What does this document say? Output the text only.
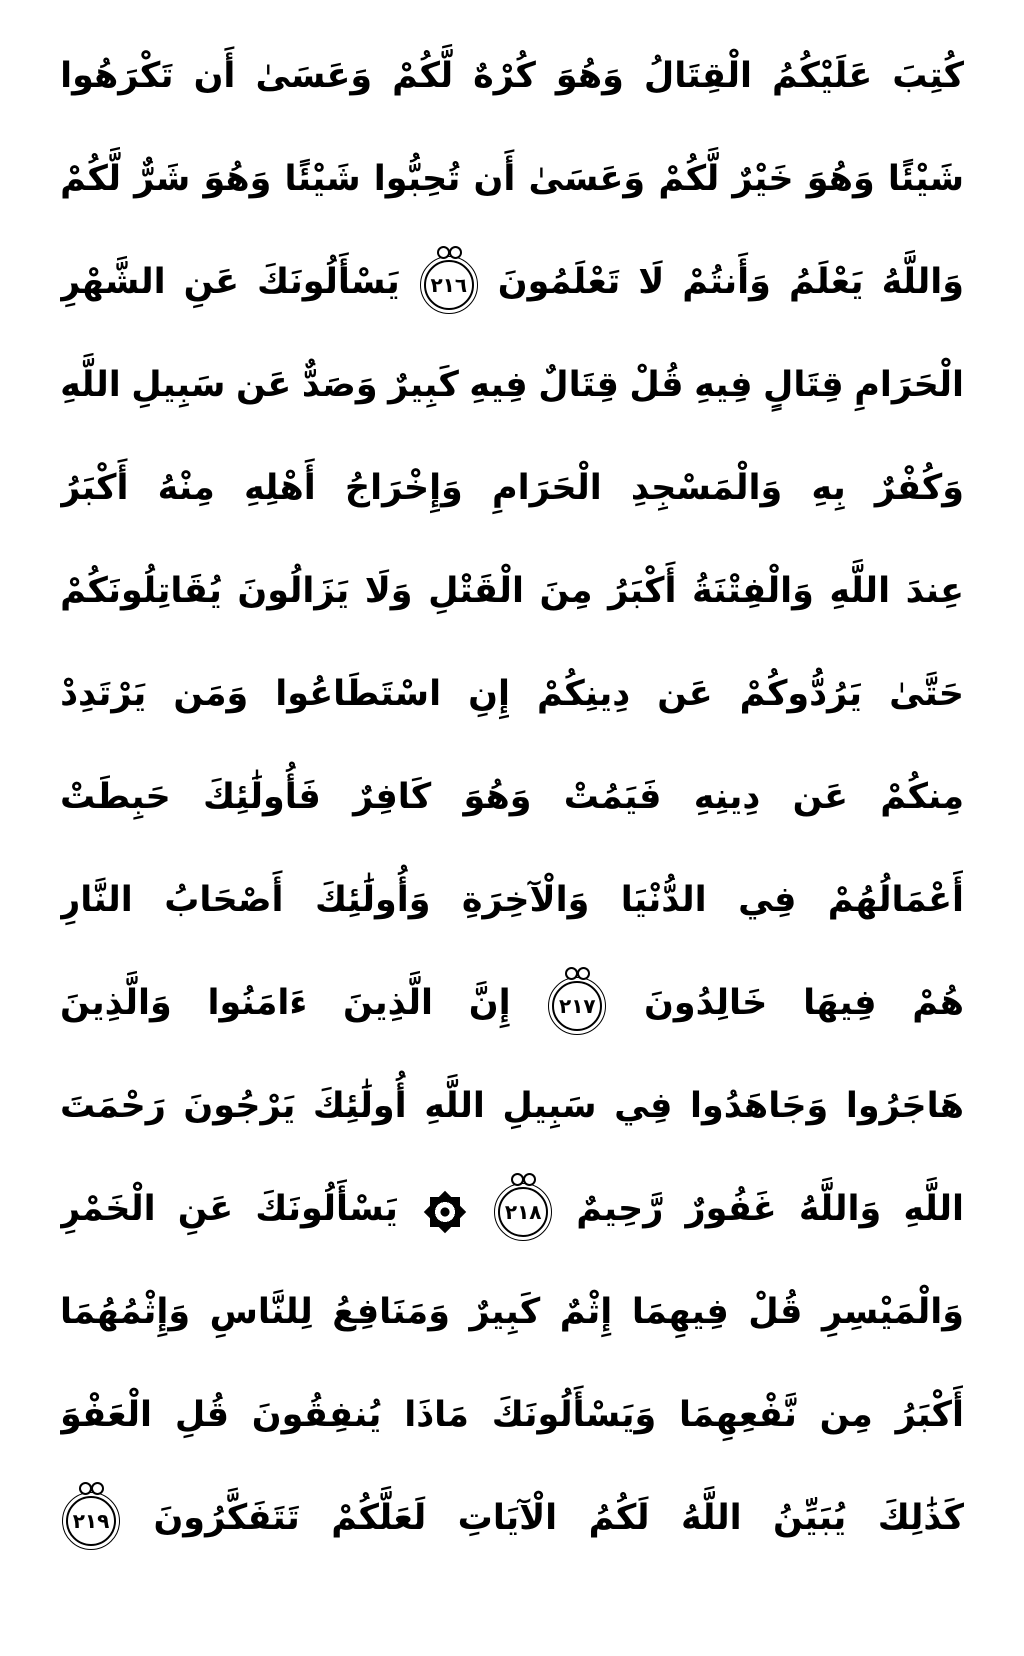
كُتِبَ
عَلَيْكُمُ
الْقِتَالُ
وَهُوَ
كُرْهٌ
لَّكُمْ
وَعَسَىٰ
أَن
تَكْرَهُوا
شَيْئًا
وَهُوَ
خَيْرٌ
لَّكُمْ
وَعَسَىٰ
أَن
تُحِبُّوا
شَيْئًا
وَهُوَ
شَرٌّ
لَّكُمْ
وَاللَّهُ
يَعْلَمُ
وَأَنتُمْ
لَا
تَعْلَمُونَ
٢١٦
يَسْأَلُونَكَ
عَنِ
الشَّهْرِ
الْحَرَامِ
قِتَالٍ
فِيهِ
قُلْ
قِتَالٌ
فِيهِ
كَبِيرٌ
وَصَدٌّ
عَن
سَبِيلِ
اللَّهِ
وَكُفْرٌ
بِهِ
وَالْمَسْجِدِ
الْحَرَامِ
وَإِخْرَاجُ
أَهْلِهِ
مِنْهُ
أَكْبَرُ
عِندَ
اللَّهِ
وَالْفِتْنَةُ
أَكْبَرُ
مِنَ
الْقَتْلِ
وَلَا
يَزَالُونَ
يُقَاتِلُونَكُمْ
حَتَّىٰ
يَرُدُّوكُمْ
عَن
دِينِكُمْ
إِنِ
اسْتَطَاعُوا
وَمَن
يَرْتَدِدْ
مِنكُمْ
عَن
دِينِهِ
فَيَمُتْ
وَهُوَ
كَافِرٌ
فَأُولَٰئِكَ
حَبِطَتْ
أَعْمَالُهُمْ
فِي
الدُّنْيَا
وَالْآخِرَةِ
وَأُولَٰئِكَ
أَصْحَابُ
النَّارِ
هُمْ
فِيهَا
خَالِدُونَ
٢١٧
إِنَّ
الَّذِينَ
ءَامَنُوا
وَالَّذِينَ
هَاجَرُوا
وَجَاهَدُوا
فِي
سَبِيلِ
اللَّهِ
أُولَٰئِكَ
يَرْجُونَ
رَحْمَتَ
اللَّهِ
وَاللَّهُ
غَفُورٌ
رَّحِيمٌ
٢١٨
يَسْأَلُونَكَ
عَنِ
الْخَمْرِ
وَالْمَيْسِرِ
قُلْ
فِيهِمَا
إِثْمٌ
كَبِيرٌ
وَمَنَافِعُ
لِلنَّاسِ
وَإِثْمُهُمَا
أَكْبَرُ
مِن
نَّفْعِهِمَا
وَيَسْأَلُونَكَ
مَاذَا
يُنفِقُونَ
قُلِ
الْعَفْوَ
كَذَٰلِكَ
يُبَيِّنُ
اللَّهُ
لَكُمُ
الْآيَاتِ
لَعَلَّكُمْ
تَتَفَكَّرُونَ
٢١٩
